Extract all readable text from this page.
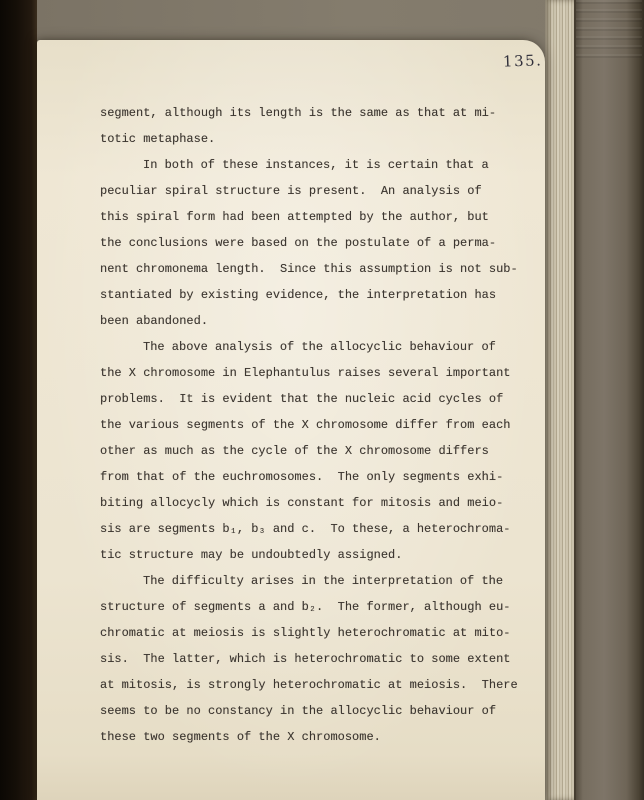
135.
segment, although its length is the same as that at mi-
totic metaphase.
In both of these instances, it is certain that a
peculiar spiral structure is present.  An analysis of
this spiral form had been attempted by the author, but
the conclusions were based on the postulate of a perma-
nent chromonema length.  Since this assumption is not sub-
stantiated by existing evidence, the interpretation has
been abandoned.
The above analysis of the allocyclic behaviour of
the X chromosome in Elephantulus raises several important
problems.  It is evident that the nucleic acid cycles of
the various segments of the X chromosome differ from each
other as much as the cycle of the X chromosome differs
from that of the euchromosomes.  The only segments exhi-
biting allocycly which is constant for mitosis and meio-
sis are segments b₁, b₃ and c.  To these, a heterochroma-
tic structure may be undoubtedly assigned.
The difficulty arises in the interpretation of the
structure of segments a and b₂.  The former, although eu-
chromatic at meiosis is slightly heterochromatic at mito-
sis.  The latter, which is heterochromatic to some extent
at mitosis, is strongly heterochromatic at meiosis.  There
seems to be no constancy in the allocyclic behaviour of
these two segments of the X chromosome.
